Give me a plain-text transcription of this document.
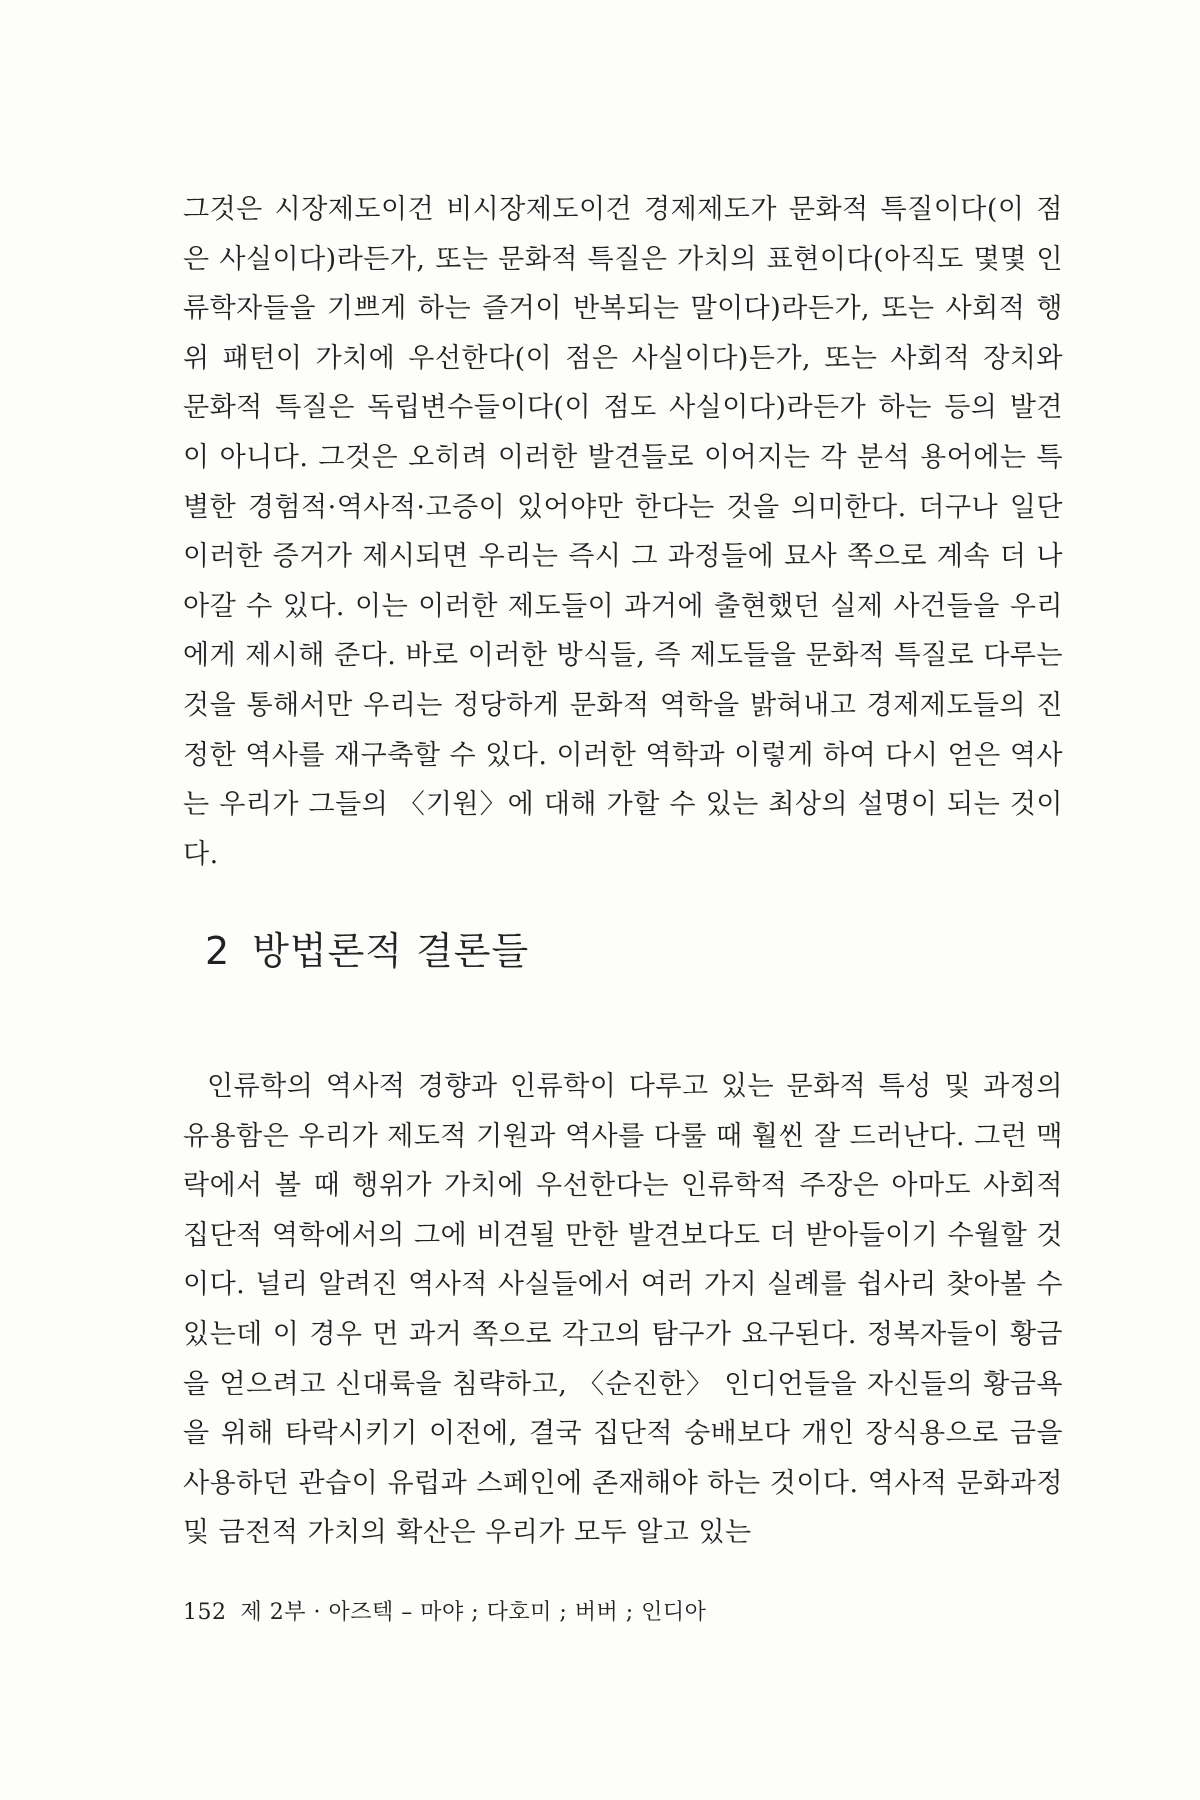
그것은 시장제도이건 비시장제도이건 경제제도가 문화적 특질이다(이 점은 사실이다)라든가, 또는 문화적 특질은 가치의 표현이다(아직도 몇몇 인류학자들을 기쁘게 하는 즐거이 반복되는 말이다)라든가, 또는 사회적 행위 패턴이 가치에 우선한다(이 점은 사실이다)든가, 또는 사회적 장치와 문화적 특질은 독립변수들이다(이 점도 사실이다)라든가 하는 등의 발견이 아니다. 그것은 오히려 이러한 발견들로 이어지는 각 분석 용어에는 특별한 경험적·역사적·고증이 있어야만 한다는 것을 의미한다. 더구나 일단 이러한 증거가 제시되면 우리는 즉시 그 과정들에 묘사 쪽으로 계속 더 나아갈 수 있다. 이는 이러한 제도들이 과거에 출현했던 실제 사건들을 우리에게 제시해 준다. 바로 이러한 방식들, 즉 제도들을 문화적 특질로 다루는 것을 통해서만 우리는 정당하게 문화적 역학을 밝혀내고 경제제도들의 진정한 역사를 재구축할 수 있다. 이러한 역학과 이렇게 하여 다시 얻은 역사는 우리가 그들의 〈기원〉에 대해 가할 수 있는 최상의 설명이 되는 것이다.

2 방법론적 결론들

인류학의 역사적 경향과 인류학이 다루고 있는 문화적 특성 및 과정의 유용함은 우리가 제도적 기원과 역사를 다룰 때 훨씬 잘 드러난다. 그런 맥락에서 볼 때 행위가 가치에 우선한다는 인류학적 주장은 아마도 사회적 집단적 역학에서의 그에 비견될 만한 발견보다도 더 받아들이기 수월할 것이다. 널리 알려진 역사적 사실들에서 여러 가지 실례를 쉽사리 찾아볼 수 있는데 이 경우 먼 과거 쪽으로 각고의 탐구가 요구된다. 정복자들이 황금을 얻으려고 신대륙을 침략하고, 〈순진한〉 인디언들을 자신들의 황금욕을 위해 타락시키기 이전에, 결국 집단적 숭배보다 개인 장식용으로 금을 사용하던 관습이 유럽과 스페인에 존재해야 하는 것이다. 역사적 문화과정 및 금전적 가치의 확산은 우리가 모두 알고 있는

152 제 2부 · 아즈텍 – 마야 ; 다호미 ; 버버 ; 인디아
